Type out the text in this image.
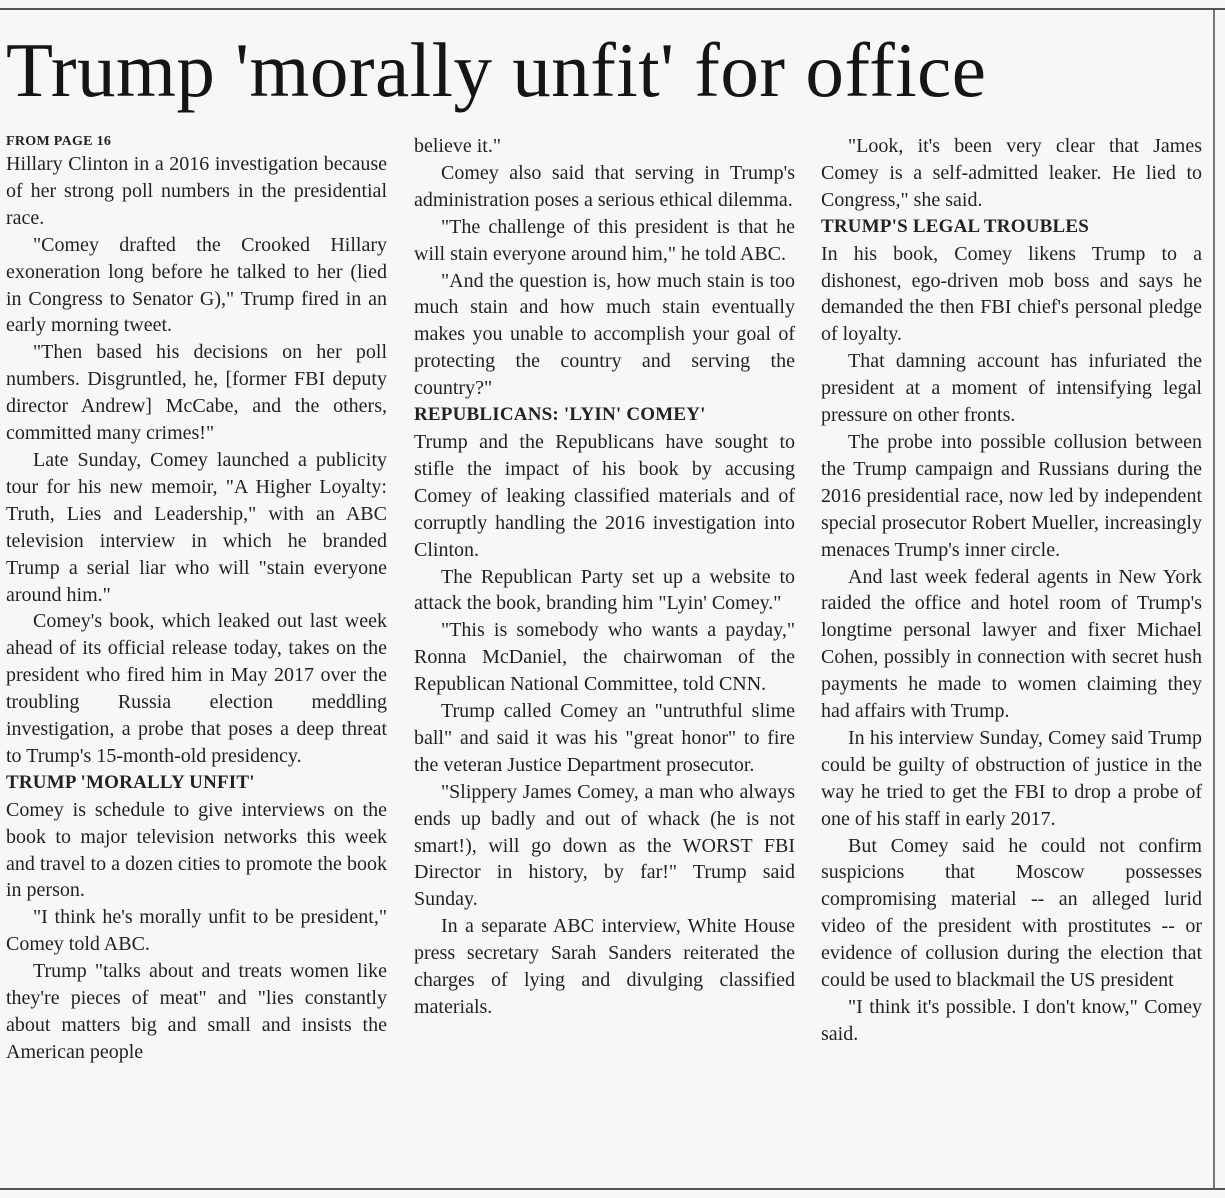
Trump 'morally unfit' for office
FROM PAGE 16

Hillary Clinton in a 2016 investigation because of her strong poll numbers in the presidential race.

"Comey drafted the Crooked Hillary exoneration long before he talked to her (lied in Congress to Senator G)," Trump fired in an early morning tweet.

"Then based his decisions on her poll numbers. Disgruntled, he, [former FBI deputy director Andrew] McCabe, and the others, committed many crimes!"

Late Sunday, Comey launched a publicity tour for his new memoir, "A Higher Loyalty: Truth, Lies and Leadership," with an ABC television interview in which he branded Trump a serial liar who will "stain everyone around him."

Comey's book, which leaked out last week ahead of its official release today, takes on the president who fired him in May 2017 over the troubling Russia election meddling investigation, a probe that poses a deep threat to Trump's 15-month-old presidency.

TRUMP 'MORALLY UNFIT'

Comey is schedule to give interviews on the book to major television networks this week and travel to a dozen cities to promote the book in person.

"I think he's morally unfit to be president," Comey told ABC.

Trump "talks about and treats women like they're pieces of meat" and "lies constantly about matters big and small and insists the American people

believe it."

Comey also said that serving in Trump's administration poses a serious ethical dilemma.

"The challenge of this president is that he will stain everyone around him," he told ABC.

"And the question is, how much stain is too much stain and how much stain eventually makes you unable to accomplish your goal of protecting the country and serving the country?"

REPUBLICANS: 'LYIN' COMEY'

Trump and the Republicans have sought to stifle the impact of his book by accusing Comey of leaking classified materials and of corruptly handling the 2016 investigation into Clinton.

The Republican Party set up a website to attack the book, branding him "Lyin' Comey."

"This is somebody who wants a payday," Ronna McDaniel, the chairwoman of the Republican National Committee, told CNN.

Trump called Comey an "untruthful slime ball" and said it was his "great honor" to fire the veteran Justice Department prosecutor.

"Slippery James Comey, a man who always ends up badly and out of whack (he is not smart!), will go down as the WORST FBI Director in history, by far!" Trump said Sunday.

In a separate ABC interview, White House press secretary Sarah Sanders reiterated the charges of lying and divulging classified materials.

"Look, it's been very clear that James Comey is a self-admitted leaker. He lied to Congress," she said.

TRUMP'S LEGAL TROUBLES

In his book, Comey likens Trump to a dishonest, ego-driven mob boss and says he demanded the then FBI chief's personal pledge of loyalty.

That damning account has infuriated the president at a moment of intensifying legal pressure on other fronts.

The probe into possible collusion between the Trump campaign and Russians during the 2016 presidential race, now led by independent special prosecutor Robert Mueller, increasingly menaces Trump's inner circle.

And last week federal agents in New York raided the office and hotel room of Trump's longtime personal lawyer and fixer Michael Cohen, possibly in connection with secret hush payments he made to women claiming they had affairs with Trump.

In his interview Sunday, Comey said Trump could be guilty of obstruction of justice in the way he tried to get the FBI to drop a probe of one of his staff in early 2017.

But Comey said he could not confirm suspicions that Moscow possesses compromising material -- an alleged lurid video of the president with prostitutes -- or evidence of collusion during the election that could be used to blackmail the US president

"I think it's possible. I don't know," Comey said.
